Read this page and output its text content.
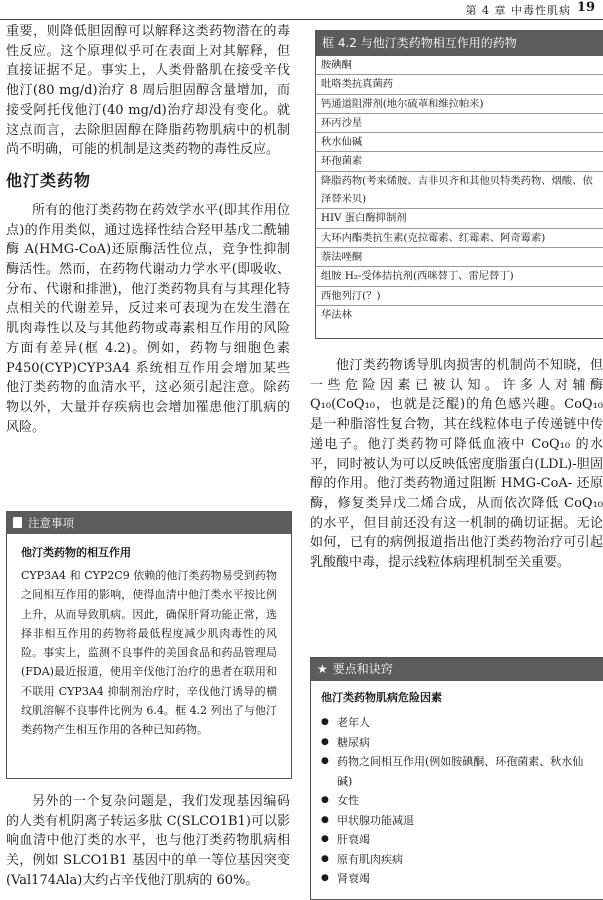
第 4 章 中毒性肌病 19

重要，则降低胆固醇可以解释这类药物潜在的毒性反应。这个原理似乎可在表面上对其解释，但直接证据不足。事实上，人类骨骼肌在接受辛伐他汀(80 mg/d)治疗 8 周后胆固醇含量增加，而接受阿托伐他汀(40 mg/d)治疗却没有变化。就这点而言，去除胆固醇在降脂药物肌病中的机制尚不明确，可能的机制是这类药物的毒性反应。

他汀类药物

所有的他汀类药物在药效学水平(即其作用位点)的作用类似，通过选择性结合羟甲基戊二酰辅酶 A(HMG-CoA)还原酶活性位点，竞争性抑制酶活性。然而，在药物代谢动力学水平(即吸收、分布、代谢和排泄)，他汀类药物具有与其理化特点相关的代谢差异，反过来可表现为在发生潜在肌肉毒性以及与其他药物或毒素相互作用的风险方面有差异(框 4.2)。例如，药物与细胞色素 P450(CYP)CYP3A4 系统相互作用会增加某些他汀类药物的血清水平，这必须引起注意。除药物以外，大量并存疾病也会增加罹患他汀肌病的风险。

注意事项
他汀类药物的相互作用

CYP3A4 和 CYP2C9 依赖的他汀类药物易受到药物之间相互作用的影响，使得血清中他汀类水平按比例上升，从而导致肌病。因此，确保肝肾功能正常，选择非相互作用的药物将最低程度减少肌肉毒性的风险。事实上，监测不良事件的美国食品和药品管理局(FDA)最近报道，使用辛伐他汀治疗的患者在联用和不联用 CYP3A4 抑制剂治疗时，辛伐他汀诱导的横纹肌溶解不良事件比例为 6.4。框 4.2 列出了与他汀类药物产生相互作用的各种已知药物。

另外的一个复杂问题是，我们发现基因编码的人类有机阴离子转运多肽 C(SLCO1B1)可以影响血清中他汀类的水平，也与他汀类药物肌病相关，例如 SLCO1B1 基因中的单一等位基因突变(Val174Ala)大约占辛伐他汀肌病的 60%。

框 4.2 与他汀类药物相互作用的药物
胺碘酮
吡咯类抗真菌药
钙通道阻滞剂(地尔硫䓬和维拉帕米)
环丙沙星
秋水仙碱
环孢菌素
降脂药物(考来烯胺、吉非贝齐和其他贝特类药物、烟酸、依泽替米贝)
HIV 蛋白酶抑制剂
大环内酯类抗生素(克拉霉素、红霉素、阿奇霉素)
萘法唑酮
组胺 H₂-受体拮抗剂(西咪替丁、雷尼替丁)
西他列汀(？)
华法林

他汀类药物诱导肌肉损害的机制尚不知晓，但一些危险因素已被认知。许多人对辅酶 Q₁₀(CoQ₁₀，也就是泛醌)的角色感兴趣。CoQ₁₀ 是一种脂溶性复合物，其在线粒体电子传递链中传递电子。他汀类药物可降低血液中 CoQ₁₀ 的水平，同时被认为可以反映低密度脂蛋白(LDL)-胆固醇的作用。他汀类药物通过阻断 HMG-CoA- 还原酶，修复类异戊二烯合成，从而依次降低 CoQ₁₀ 的水平，但目前还没有这一机制的确切证据。无论如何，已有的病例报道指出他汀类药物治疗可引起乳酸酸中毒，提示线粒体病理机制至关重要。

★ 要点和诀窍
他汀类药物肌病危险因素
● 老年人
● 糖尿病
● 药物之间相互作用(例如胺碘酮、环孢菌素、秋水仙碱)
● 女性
● 甲状腺功能减退
● 肝衰竭
● 原有肌肉疾病
● 肾衰竭
